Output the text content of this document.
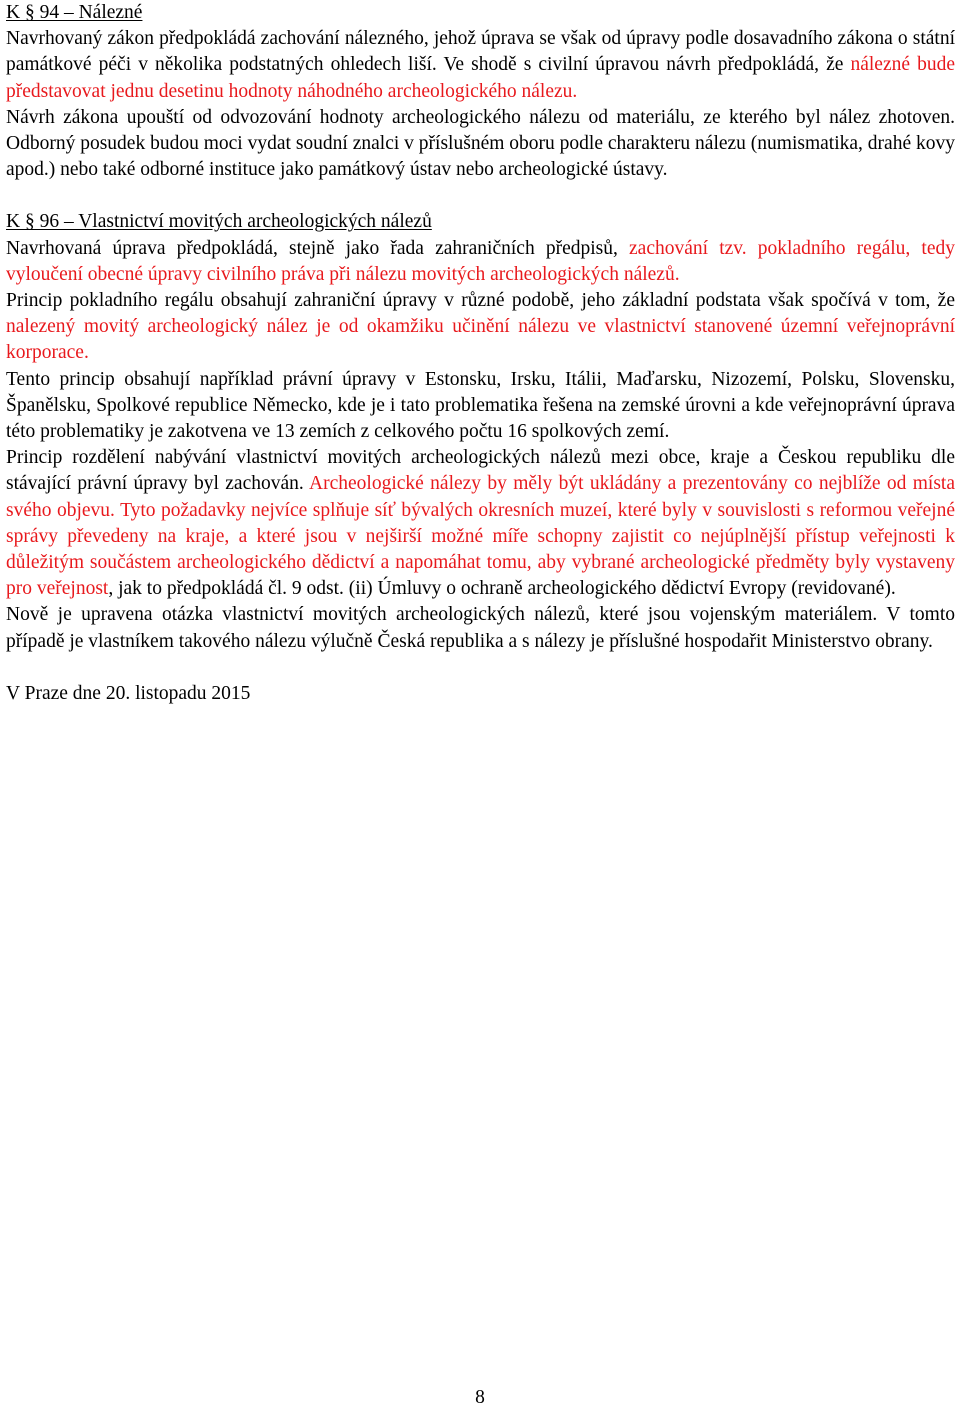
K § 94 – Nálezné

Navrhovaný zákon předpokládá zachování nálezného, jehož úprava se však od úpravy podle dosavadního zákona o státní památkové péči v několika podstatných ohledech liší. Ve shodě s civilní úpravou návrh předpokládá, že nálezné bude představovat jednu desetinu hodnoty náhodného archeologického nálezu.

Návrh zákona upouští od odvozování hodnoty archeologického nálezu od materiálu, ze kterého byl nález zhotoven. Odborný posudek budou moci vydat soudní znalci v příslušném oboru podle charakteru nálezu (numismatika, drahé kovy apod.) nebo také odborné instituce jako památkový ústav nebo archeologické ústavy.

K § 96 – Vlastnictví movitých archeologických nálezů

Navrhovaná úprava předpokládá, stejně jako řada zahraničních předpisů, zachování tzv. pokladního regálu, tedy vyloučení obecné úpravy civilního práva při nálezu movitých archeologických nálezů.

Princip pokladního regálu obsahují zahraniční úpravy v různé podobě, jeho základní podstata však spočívá v tom, že nalezený movitý archeologický nález je od okamžiku učinění nálezu ve vlastnictví stanovené územní veřejnoprávní korporace.

Tento princip obsahují například právní úpravy v Estonsku, Irsku, Itálii, Maďarsku, Nizozemí, Polsku, Slovensku, Španělsku, Spolkové republice Německo, kde je i tato problematika řešena na zemské úrovni a kde veřejnoprávní úprava této problematiky je zakotvena ve 13 zemích z celkového počtu 16 spolkových zemí.

Princip rozdělení nabývání vlastnictví movitých archeologických nálezů mezi obce, kraje a Českou republiku dle stávající právní úpravy byl zachován. Archeologické nálezy by měly být ukládány a prezentovány co nejblíže od místa svého objevu. Tyto požadavky nejvíce splňuje síť bývalých okresních muzeí, které byly v souvislosti s reformou veřejné správy převedeny na kraje, a které jsou v nejširší možné míře schopny zajistit co nejúplnější přístup veřejnosti k důležitým součástem archeologického dědictví a napomáhat tomu, aby vybrané archeologické předměty byly vystaveny pro veřejnost, jak to předpokládá čl. 9 odst. (ii) Úmluvy o ochraně archeologického dědictví Evropy (revidované).

Nově je upravena otázka vlastnictví movitých archeologických nálezů, které jsou vojenským materiálem. V tomto případě je vlastníkem takového nálezu výlučně Česká republika a s nálezy je příslušné hospodařit Ministerstvo obrany.

V Praze dne 20. listopadu 2015
8
